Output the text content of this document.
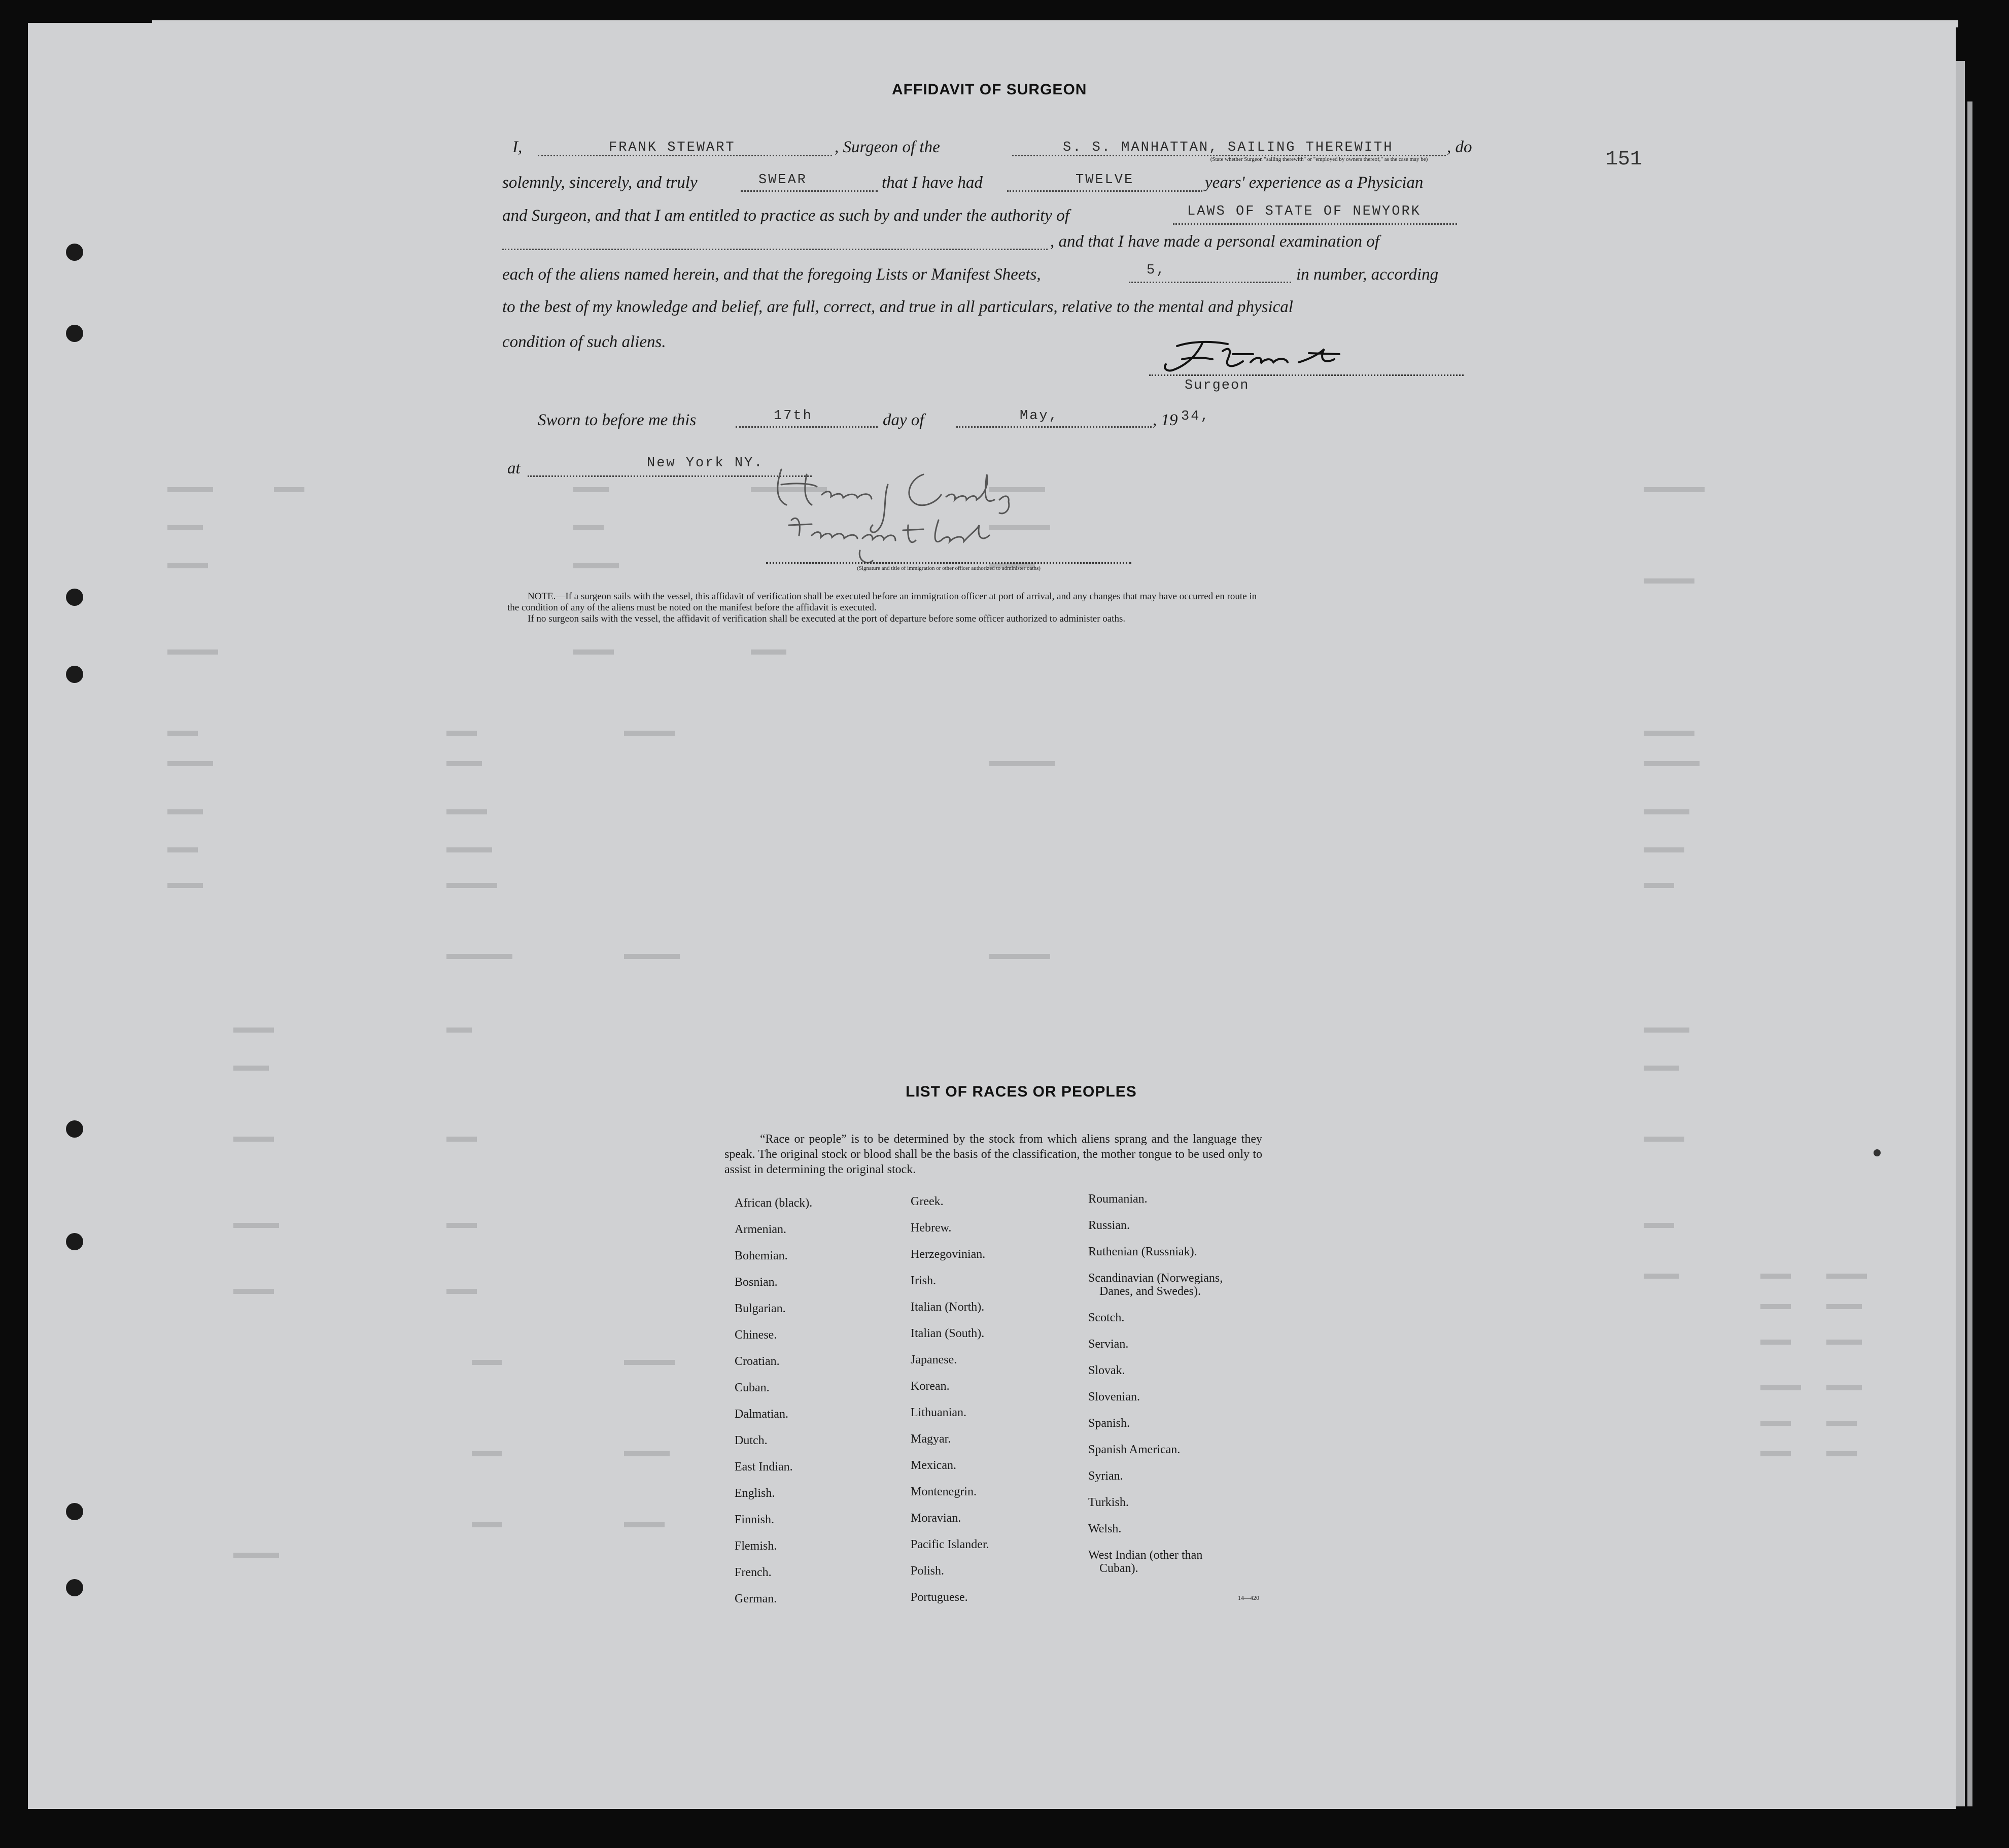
151
AFFIDAVIT OF SURGEON
I,	FRANK STEWART	, Surgeon of the	S. S. MANHATTAN, SAILING THEREWITH	, do
(State whether Surgeon "sailing therewith" or "employed by owners thereof," as the case may be)
solemnly, sincerely, and truly	SWEAR	that I have had	TWELVE	years' experience as a Physician
and Surgeon, and that I am entitled to practice as such by and under the authority of	LAWS OF STATE OF NEWYORK
, and that I have made a personal examination of
each of the aliens named herein, and that the foregoing Lists or Manifest Sheets,	5,	in number, according
to the best of my knowledge and belief, are full, correct, and true in all particulars, relative to the mental and physical
condition of such aliens.
Surgeon
Sworn to before me this	17th	day of	May,	, 19 34,
at	New York NY.
(Signature and title of immigration or other officer authorized to administer oaths)
NOTE.—If a surgeon sails with the vessel, this affidavit of verification shall be executed before an immigration officer at port of arrival, and any changes that may have occurred en route in
the condition of any of the aliens must be noted on the manifest before the affidavit is executed.
If no surgeon sails with the vessel, the affidavit of verification shall be executed at the port of departure before some officer authorized to administer oaths.
LIST OF RACES OR PEOPLES
“Race or people” is to be determined by the stock from which aliens sprang and the language they speak. The original stock or blood shall be the basis of the classification, the mother tongue to be used only to assist in determining the original stock.
African (black).
Armenian.
Bohemian.
Bosnian.
Bulgarian.
Chinese.
Croatian.
Cuban.
Dalmatian.
Dutch.
East Indian.
English.
Finnish.
Flemish.
French.
German.
Greek.
Hebrew.
Herzegovinian.
Irish.
Italian (North).
Italian (South).
Japanese.
Korean.
Lithuanian.
Magyar.
Mexican.
Montenegrin.
Moravian.
Pacific Islander.
Polish.
Portuguese.
Roumanian.
Russian.
Ruthenian (Russniak).
Scandinavian (Norwegians,
Danes, and Swedes).
Scotch.
Servian.
Slovak.
Slovenian.
Spanish.
Spanish American.
Syrian.
Turkish.
Welsh.
West Indian (other than
Cuban).
14—420
